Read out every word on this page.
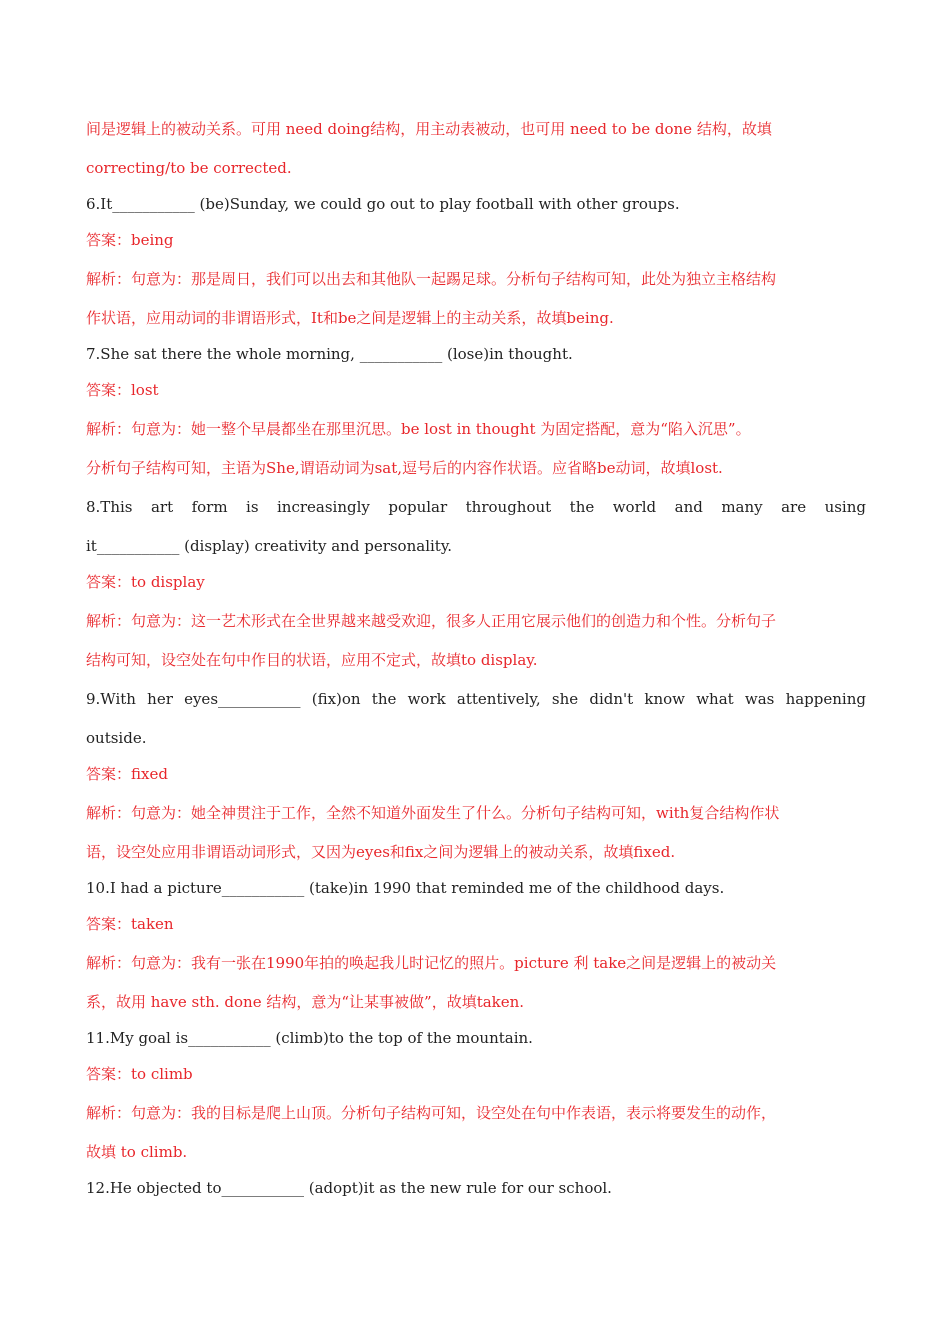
间是逻辑上的被动关系。可用 need doing结构，用主动表被动，也可用 need to be done 结构，故填
correcting/to be corrected.
6.It___________ (be)Sunday, we could go out to play football with other groups.
答案：being
解析：句意为：那是周日，我们可以出去和其他队一起踢足球。分析句子结构可知，此处为独立主格结构
作状语，应用动词的非谓语形式，It和be之间是逻辑上的主动关系，故填being.
7.She sat there the whole morning, ___________ (lose)in thought.
答案：lost
解析：句意为：她一整个早晨都坐在那里沉思。be lost in thought 为固定搭配，意为“陷入沉思”。
分析句子结构可知，主语为She,谓语动词为sat,逗号后的内容作状语。应省略be动词，故填lost.
8.This art form is increasingly popular throughout the world and many are using
it___________ (display) creativity and personality.
答案：to display
解析：句意为：这一艺术形式在全世界越来越受欢迎，很多人正用它展示他们的创造力和个性。分析句子
结构可知，设空处在句中作目的状语，应用不定式，故填to display.
9.With her eyes___________ (fix)on the work attentively, she didn't know what was happening
outside.
答案：fixed
解析：句意为：她全神贯注于工作，全然不知道外面发生了什么。分析句子结构可知，with复合结构作状
语，设空处应用非谓语动词形式，又因为eyes和fix之间为逻辑上的被动关系，故填fixed.
10.I had a picture___________ (take)in 1990 that reminded me of the childhood days.
答案：taken
解析：句意为：我有一张在1990年拍的唤起我儿时记忆的照片。picture 利 take之间是逻辑上的被动关
系，故用 have sth. done 结构，意为“让某事被做”，故填taken.
11.My goal is___________ (climb)to the top of the mountain.
答案：to climb
解析：句意为：我的目标是爬上山顶。分析句子结构可知，设空处在句中作表语，表示将要发生的动作，
故填 to climb.
12.He objected to___________ (adopt)it as the new rule for our school.
